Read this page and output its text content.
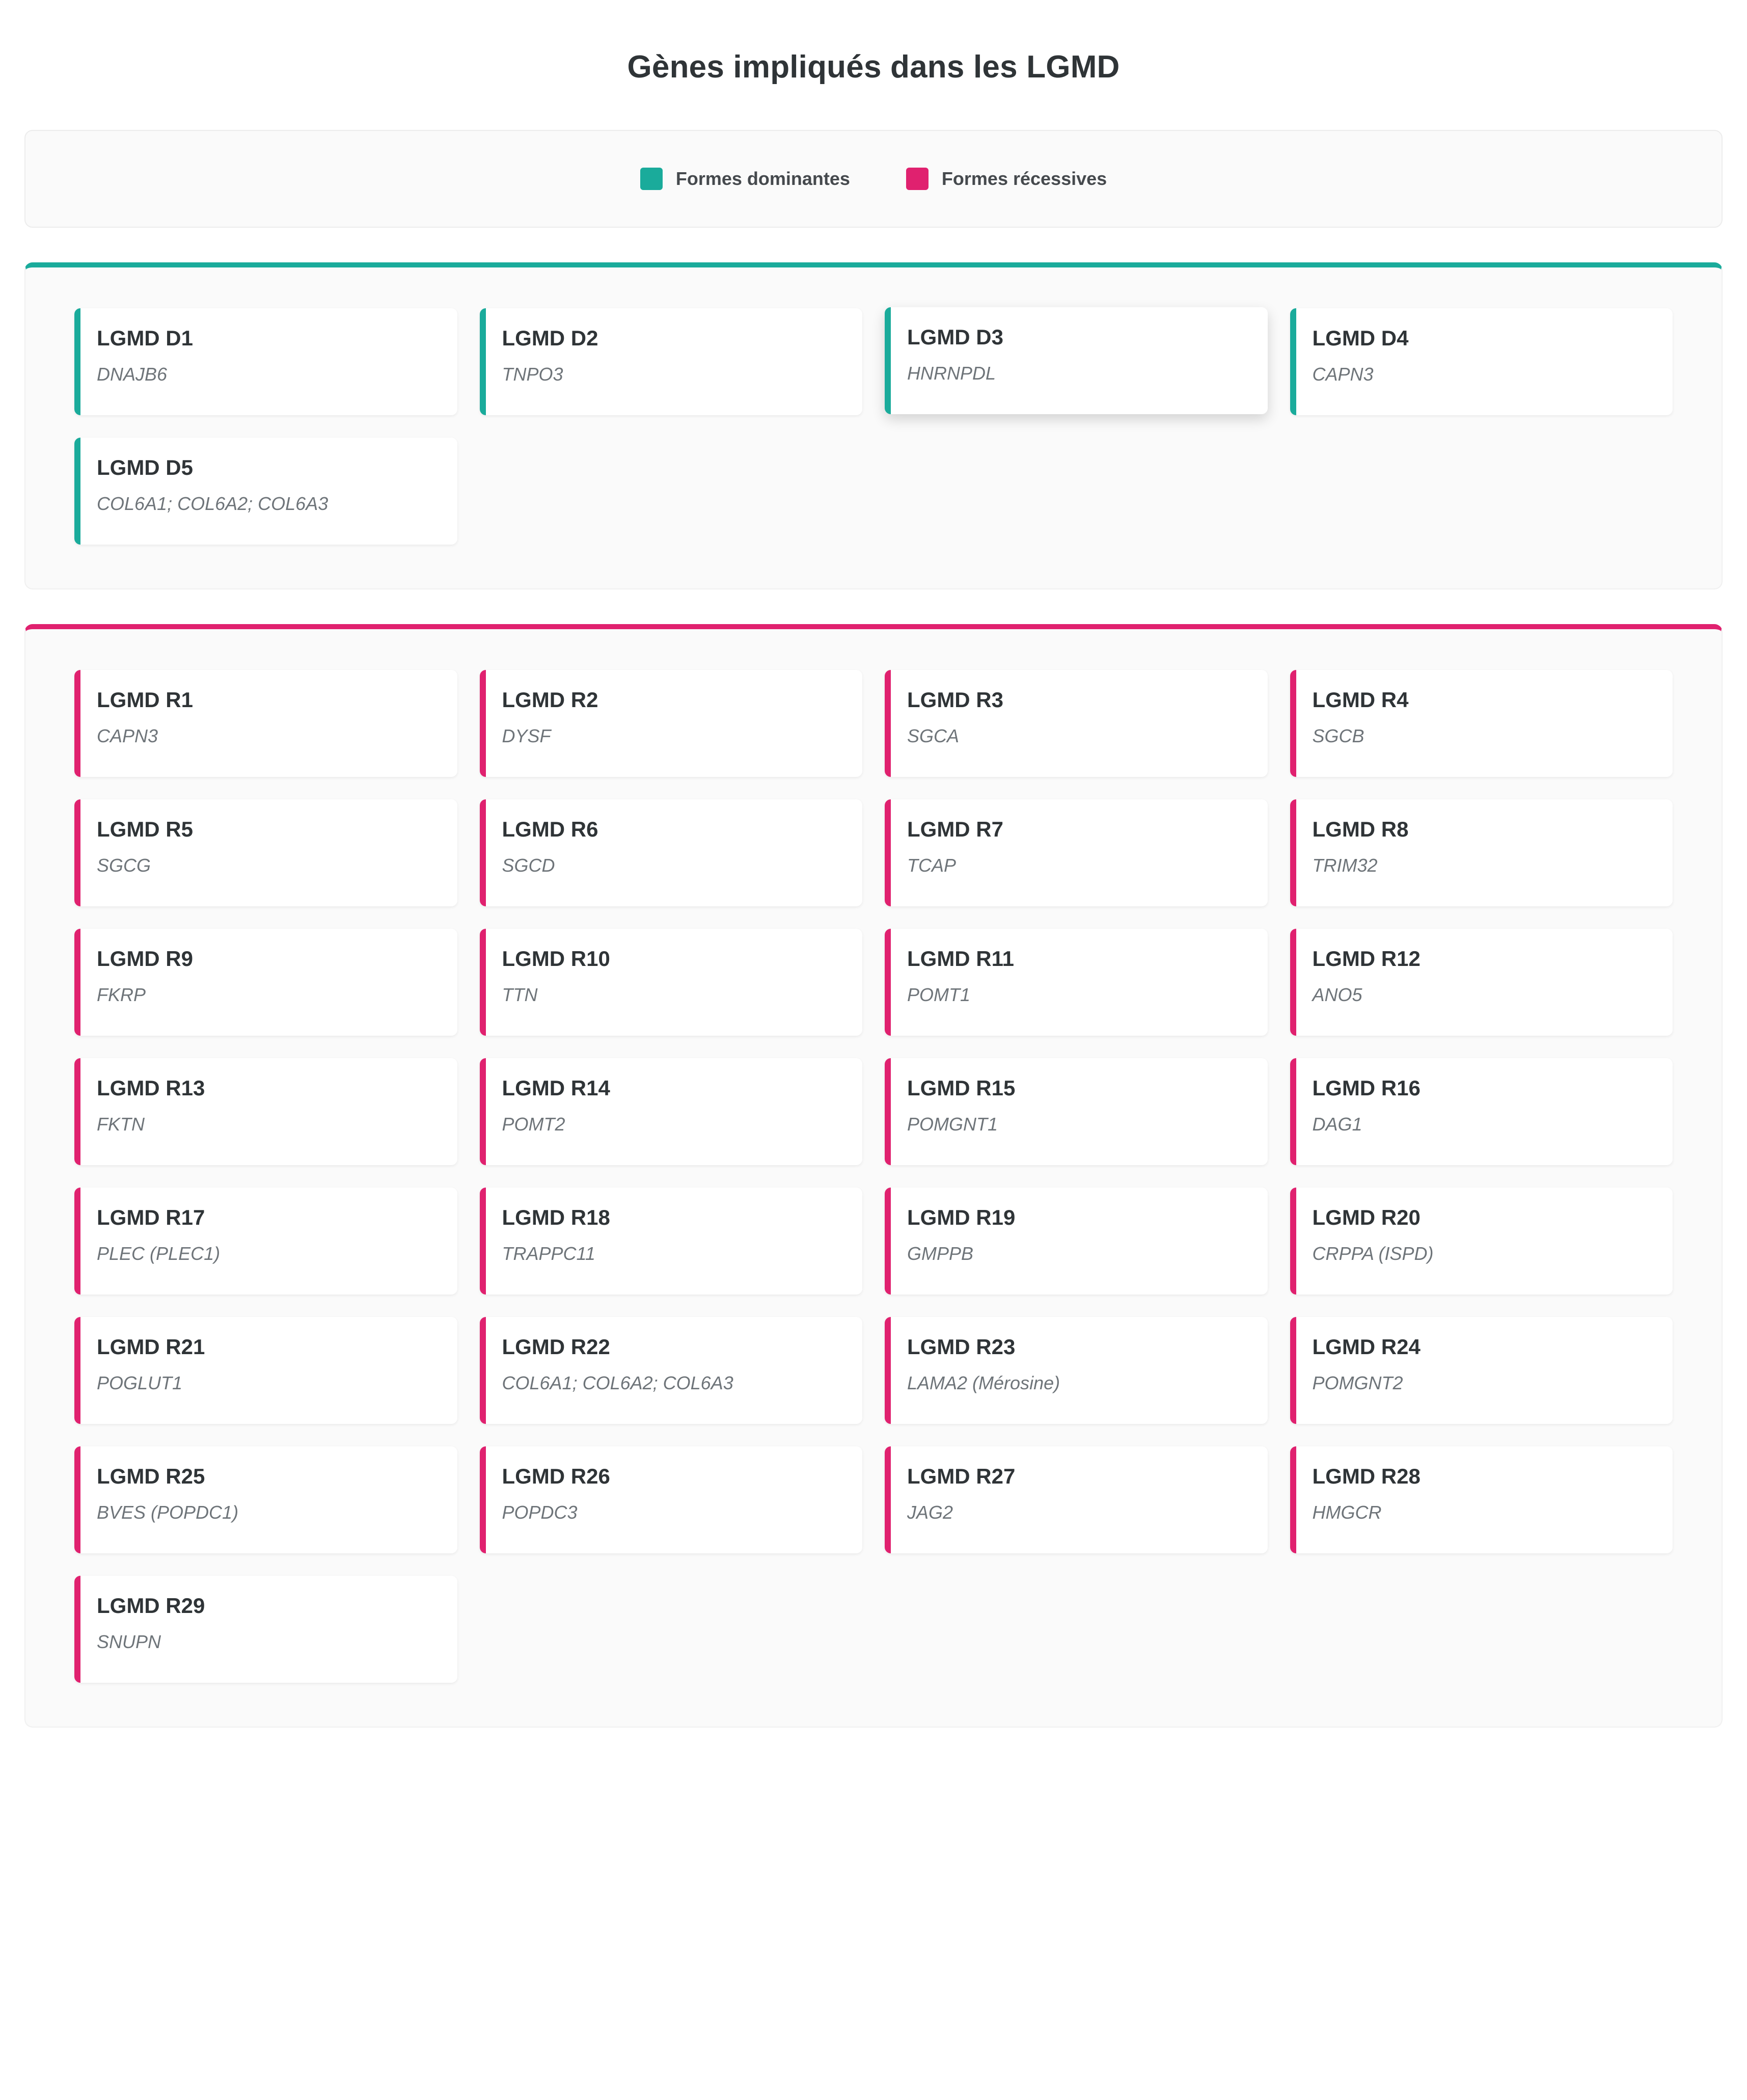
Gènes impliqués dans les LGMD
Formes dominantes	Formes récessives
LGMD D1
DNAJB6
LGMD D2
TNPO3
LGMD D3
HNRNPDL
LGMD D4
CAPN3
LGMD D5
COL6A1; COL6A2; COL6A3
LGMD R1
CAPN3
LGMD R2
DYSF
LGMD R3
SGCA
LGMD R4
SGCB
LGMD R5
SGCG
LGMD R6
SGCD
LGMD R7
TCAP
LGMD R8
TRIM32
LGMD R9
FKRP
LGMD R10
TTN
LGMD R11
POMT1
LGMD R12
ANO5
LGMD R13
FKTN
LGMD R14
POMT2
LGMD R15
POMGNT1
LGMD R16
DAG1
LGMD R17
PLEC (PLEC1)
LGMD R18
TRAPPC11
LGMD R19
GMPPB
LGMD R20
CRPPA (ISPD)
LGMD R21
POGLUT1
LGMD R22
COL6A1; COL6A2; COL6A3
LGMD R23
LAMA2 (Mérosine)
LGMD R24
POMGNT2
LGMD R25
BVES (POPDC1)
LGMD R26
POPDC3
LGMD R27
JAG2
LGMD R28
HMGCR
LGMD R29
SNUPN
